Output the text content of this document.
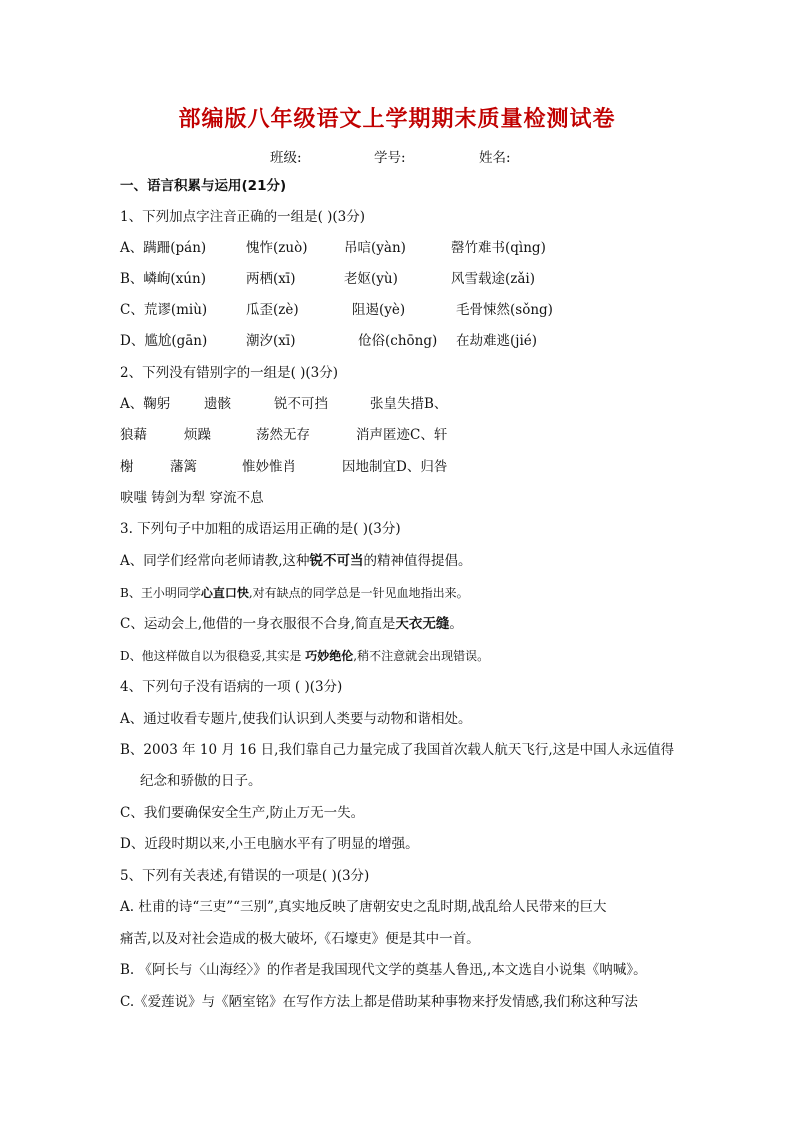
部编版八年级语文上学期期末质量检测试卷
班级:	学号:	姓名:
一、语言积累与运用(21分)
1、下列加点字注音正确的一组是( )(3分)
A、蹒跚(pán)	愧怍(zuò)	吊唁(yàn)	罄竹难书(qìng)
B、嶙峋(xún)	两栖(xī)	老妪(yù)	风雪载途(zǎi)
C、荒谬(miù)	瓜歪(zè)	阻遏(yè)	毛骨悚然(sǒng)
D、尴尬(gān)	潮汐(xī)	伧俗(chōng) 在劫难逃(jié)
2、下列没有错别字的一组是( )(3分)
A、鞠躬	遗骸	锐不可挡	张皇失措B、
狼藉	烦躁	荡然无存	消声匿迹C、轩
榭	藩篱	惟妙惟肖	因地制宜D、归咎
唳嗤 铸剑为犁 穿流不息
3. 下列句子中加粗的成语运用正确的是( )(3分)
A、同学们经常向老师请教,这种锐不可当的精神值得提倡。
B、王小明同学心直口快,对有缺点的同学总是一针见血地指出来。
C、运动会上,他借的一身衣服很不合身,简直是天衣无缝。
D、他这样做自以为很稳妥,其实是 巧妙绝伦,稍不注意就会出现错误。
4、下列句子没有语病的一项 ( )(3分)
A、通过收看专题片,使我们认识到人类要与动物和谐相处。
B、2003 年 10 月 16 日,我们靠自己力量完成了我国首次载人航天飞行,这是中国人永远值得
纪念和骄傲的日子。
C、我们要确保安全生产,防止万无一失。
D、近段时期以来,小王电脑水平有了明显的增强。
5、下列有关表述,有错误的一项是( )(3分)
A. 杜甫的诗“三吏”“三别”,真实地反映了唐朝安史之乱时期,战乱给人民带来的巨大
痛苦,以及对社会造成的极大破坏,《石壕吏》便是其中一首。
B. 《阿长与〈山海经〉》的作者是我国现代文学的奠基人鲁迅,,本文选自小说集《呐喊》。
C.《爱莲说》与《陋室铭》在写作方法上都是借助某种事物来抒发情感,我们称这种写法
